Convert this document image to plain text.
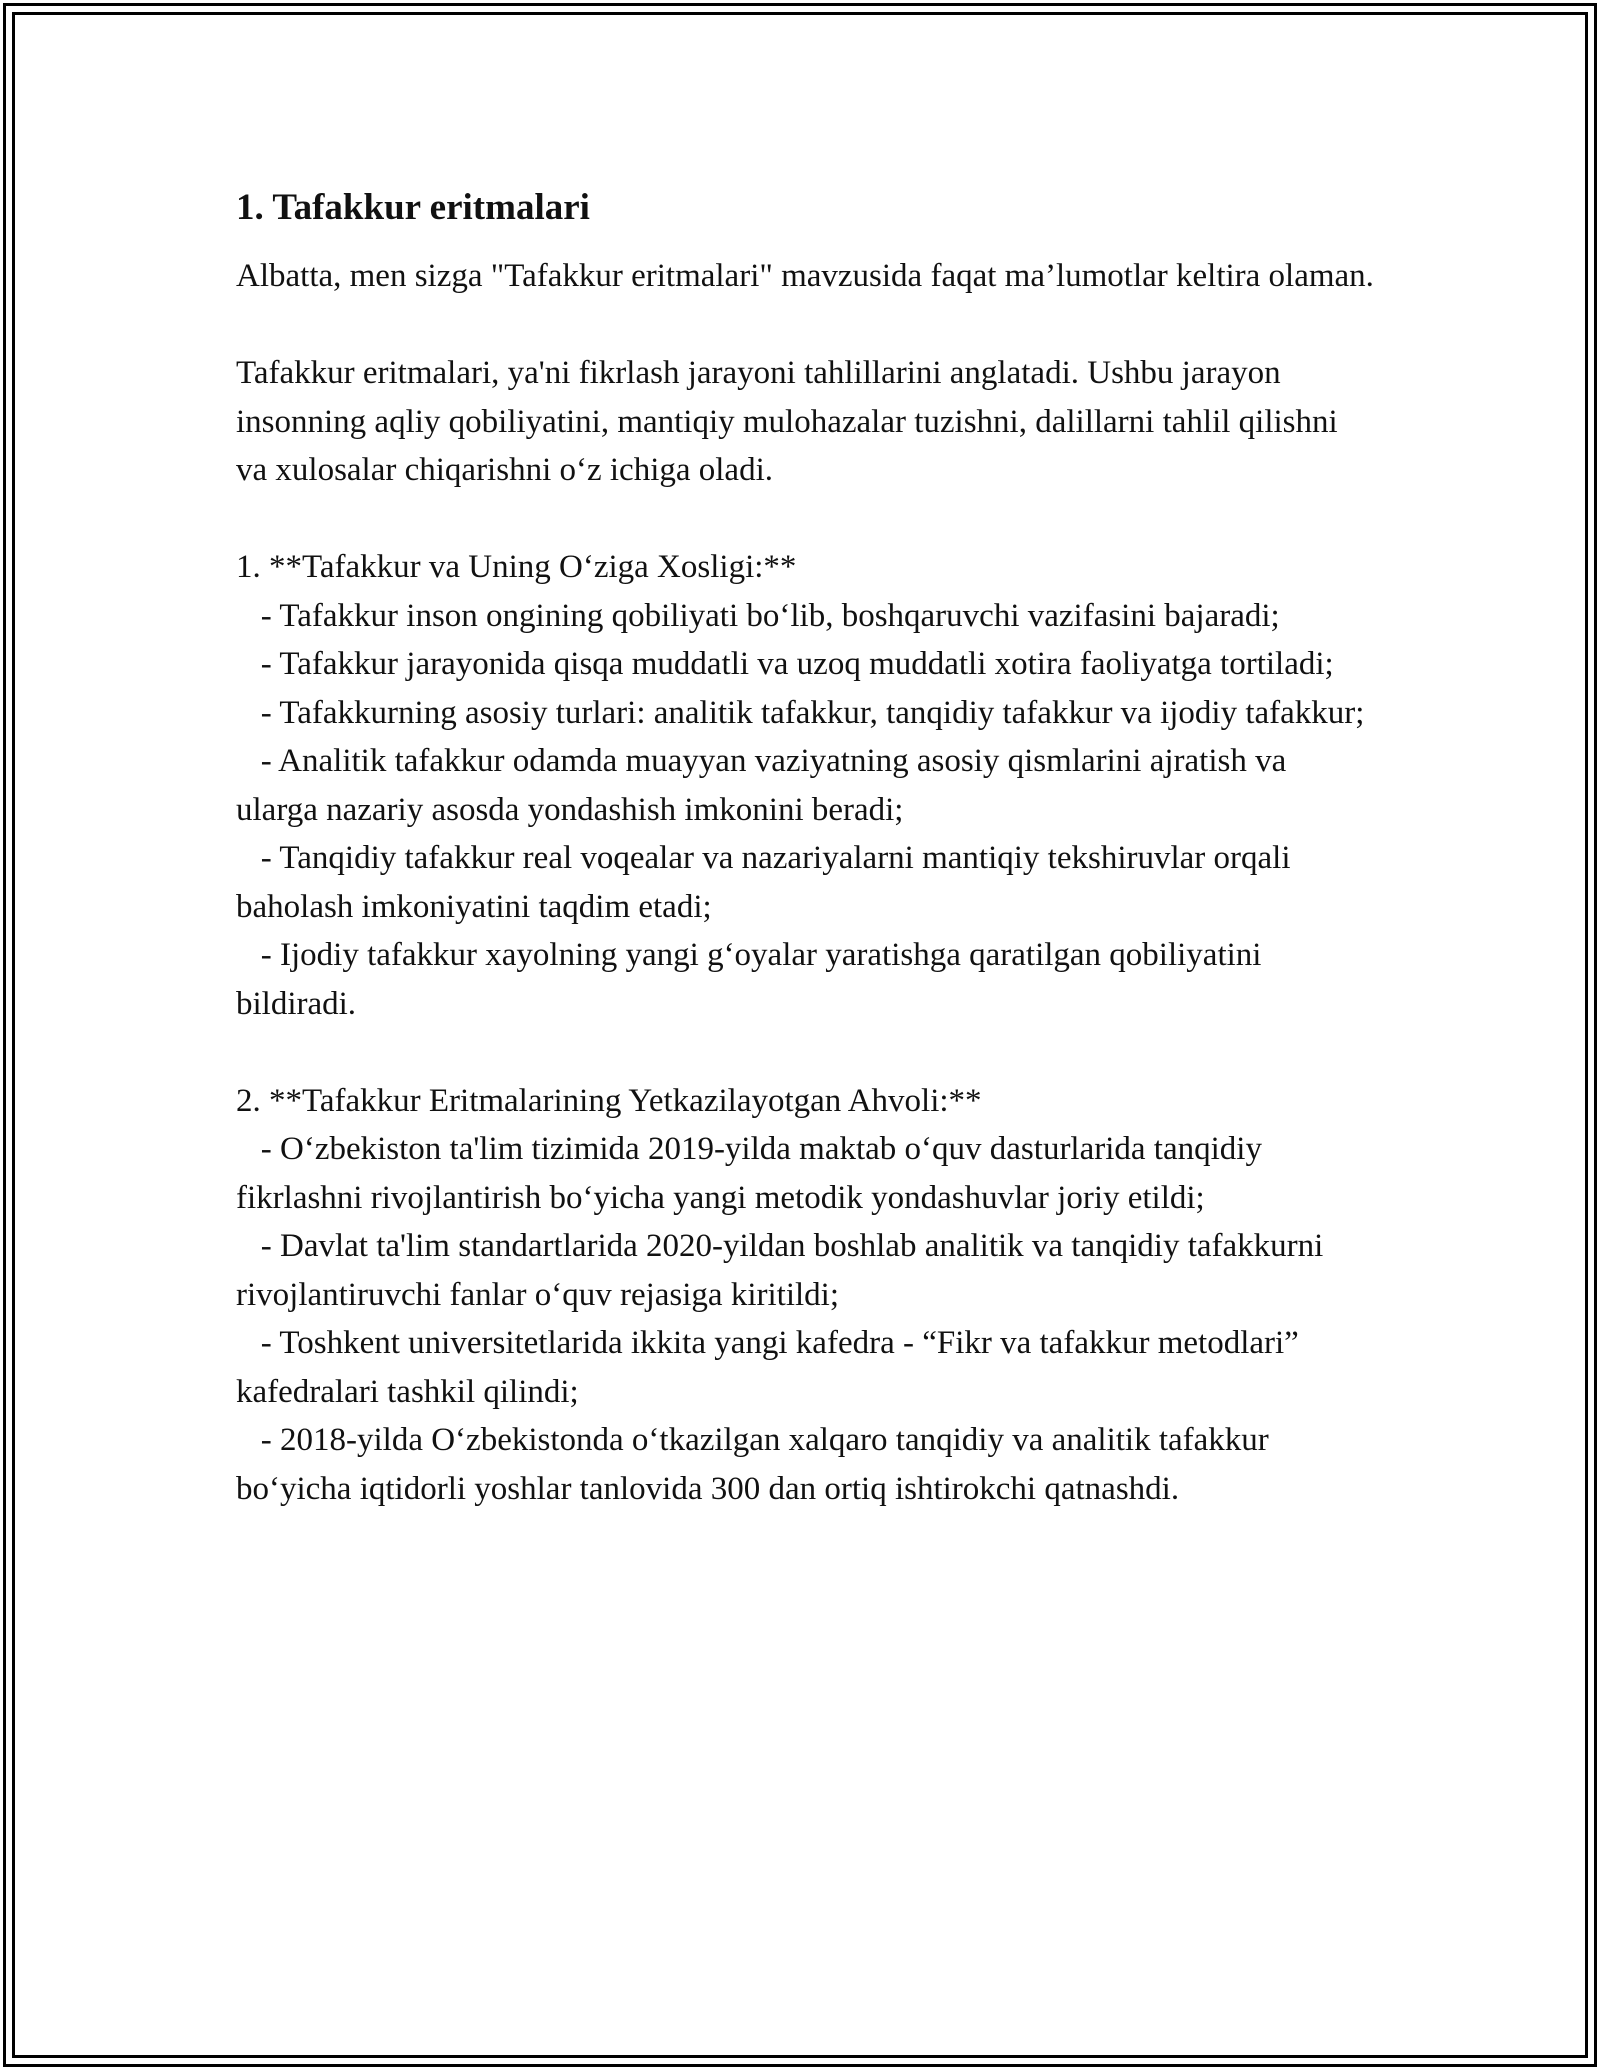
1. Tafakkur eritmalari

Albatta, men sizga "Tafakkur eritmalari" mavzusida faqat ma’lumotlar keltira olaman.

Tafakkur eritmalari, ya'ni fikrlash jarayoni tahlillarini anglatadi. Ushbu jarayon insonning aqliy qobiliyatini, mantiqiy mulohazalar tuzishni, dalillarni tahlil qilishni va xulosalar chiqarishni o‘z ichiga oladi.

1. **Tafakkur va Uning O‘ziga Xosligi:**

- Tafakkur inson ongining qobiliyati bo‘lib, boshqaruvchi vazifasini bajaradi;

- Tafakkur jarayonida qisqa muddatli va uzoq muddatli xotira faoliyatga tortiladi;

- Tafakkurning asosiy turlari: analitik tafakkur, tanqidiy tafakkur va ijodiy tafakkur;

- Analitik tafakkur odamda muayyan vaziyatning asosiy qismlarini ajratish va ularga nazariy asosda yondashish imkonini beradi;

- Tanqidiy tafakkur real voqealar va nazariyalarni mantiqiy tekshiruvlar orqali baholash imkoniyatini taqdim etadi;

- Ijodiy tafakkur xayolning yangi g‘oyalar yaratishga qaratilgan qobiliyatini bildiradi.

2. **Tafakkur Eritmalarining Yetkazilayotgan Ahvoli:**

- O‘zbekiston ta'lim tizimida 2019-yilda maktab o‘quv dasturlarida tanqidiy fikrlashni rivojlantirish bo‘yicha yangi metodik yondashuvlar joriy etildi;

- Davlat ta'lim standartlarida 2020-yildan boshlab analitik va tanqidiy tafakkurni rivojlantiruvchi fanlar o‘quv rejasiga kiritildi;

- Toshkent universitetlarida ikkita yangi kafedra - “Fikr va tafakkur metodlari” kafedralari tashkil qilindi;

- 2018-yilda O‘zbekistonda o‘tkazilgan xalqaro tanqidiy va analitik tafakkur bo‘yicha iqtidorli yoshlar tanlovida 300 dan ortiq ishtirokchi qatnashdi.
